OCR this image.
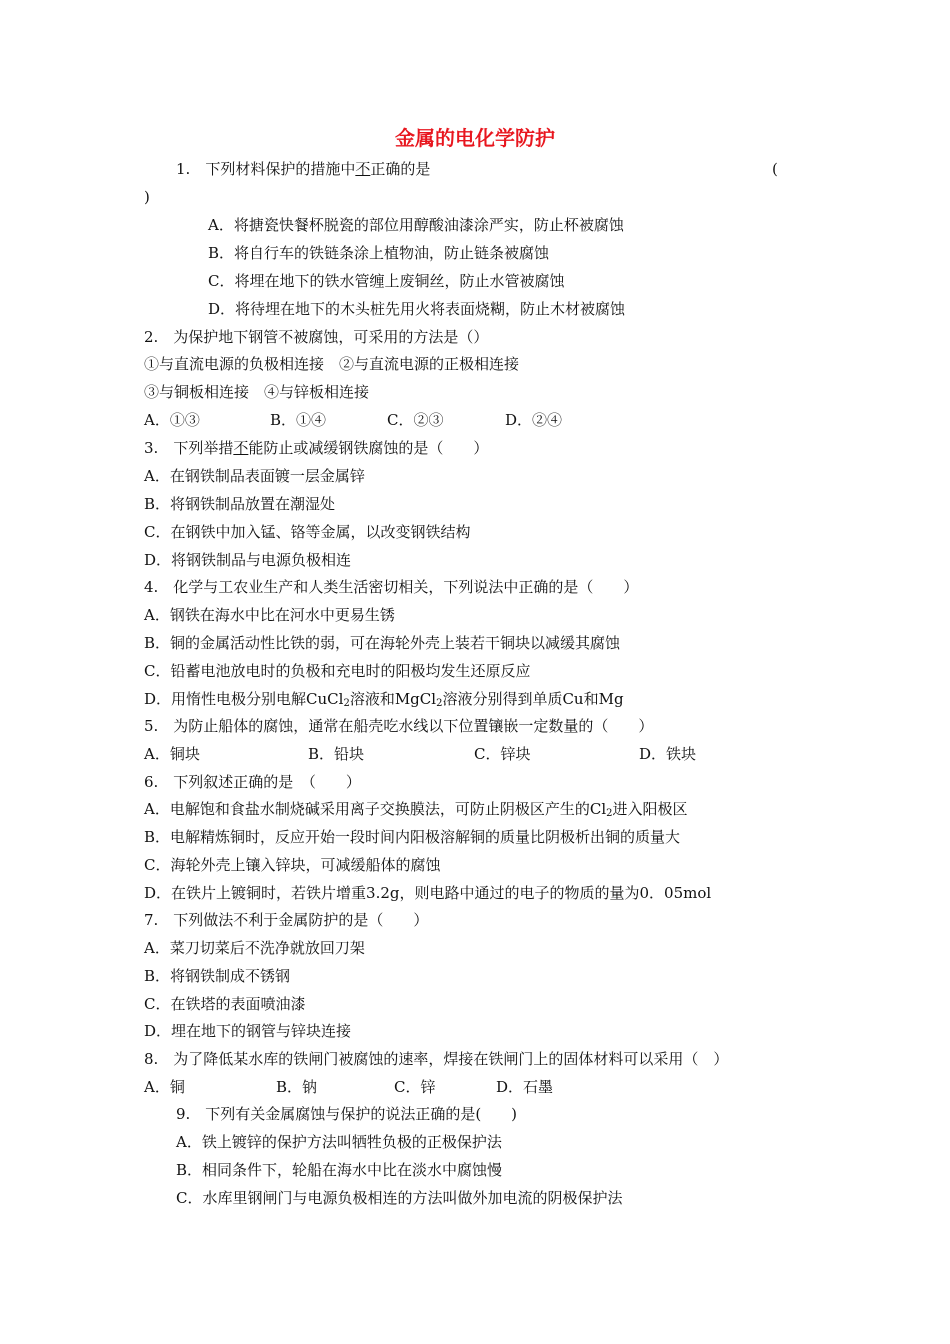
金属的电化学防护
1.　 下列材料保护的措施中不正确的是	(
)
A．将搪瓷快餐杯脱瓷的部位用醇酸油漆涂严实，防止杯被腐蚀
B．将自行车的铁链条涂上植物油，防止链条被腐蚀
C．将埋在地下的铁水管缠上废铜丝，防止水管被腐蚀
D．将待埋在地下的木头桩先用火将表面烧糊，防止木材被腐蚀
2.　为保护地下钢管不被腐蚀，可采用的方法是（）
①与直流电源的负极相连接　②与直流电源的正极相连接
③与铜板相连接　④与锌板相连接
A．①③	B．①④	C．②③	D．②④
3.　 下列举措不能防止或减缓钢铁腐蚀的是（　　）
A．在钢铁制品表面镀一层金属锌
B．将钢铁制品放置在潮湿处
C．在钢铁中加入锰、铬等金属，以改变钢铁结构
D．将钢铁制品与电源负极相连
4.　化学与工农业生产和人类生活密切相关，下列说法中正确的是（　　）
A．钢铁在海水中比在河水中更易生锈
B．铜的金属活动性比铁的弱，可在海轮外壳上装若干铜块以减缓其腐蚀
C．铅蓄电池放电时的负极和充电时的阳极均发生还原反应
D．用惰性电极分别电解CuCl$_2$溶液和MgCl$_2$溶液分别得到单质Cu和Mg
5.　为防止船体的腐蚀，通常在船壳吃水线以下位置镶嵌一定数量的（　　）
A．铜块	B．铅块	C．锌块	D．铁块
6.　下列叙述正确的是　（　　）
A．电解饱和食盐水制烧碱采用离子交换膜法，可防止阴极区产生的$Cl_2$进入阳极区
B．电解精炼铜时，反应开始一段时间内阳极溶解铜的质量比阴极析出铜的质量大
C．海轮外壳上镶入锌块，可减缓船体的腐蚀
D．在铁片上镀铜时，若铁片增重3.2g，则电路中通过的电子的物质的量为0．05mol
7.　下列做法不利于金属防护的是（　　）
A．菜刀切菜后不洗净就放回刀架
B．将钢铁制成不锈钢
C．在铁塔的表面喷油漆
D．埋在地下的钢管与锌块连接
8.　为了降低某水库的铁闸门被腐蚀的速率，焊接在铁闸门上的固体材料可以采用（　）
A．铜	B．钠	C．锌	D．石墨
9.　下列有关金属腐蚀与保护的说法正确的是(　　)
A．铁上镀锌的保护方法叫牺牲负极的正极保护法
B．相同条件下，轮船在海水中比在淡水中腐蚀慢
C．水库里钢闸门与电源负极相连的方法叫做外加电流的阴极保护法
